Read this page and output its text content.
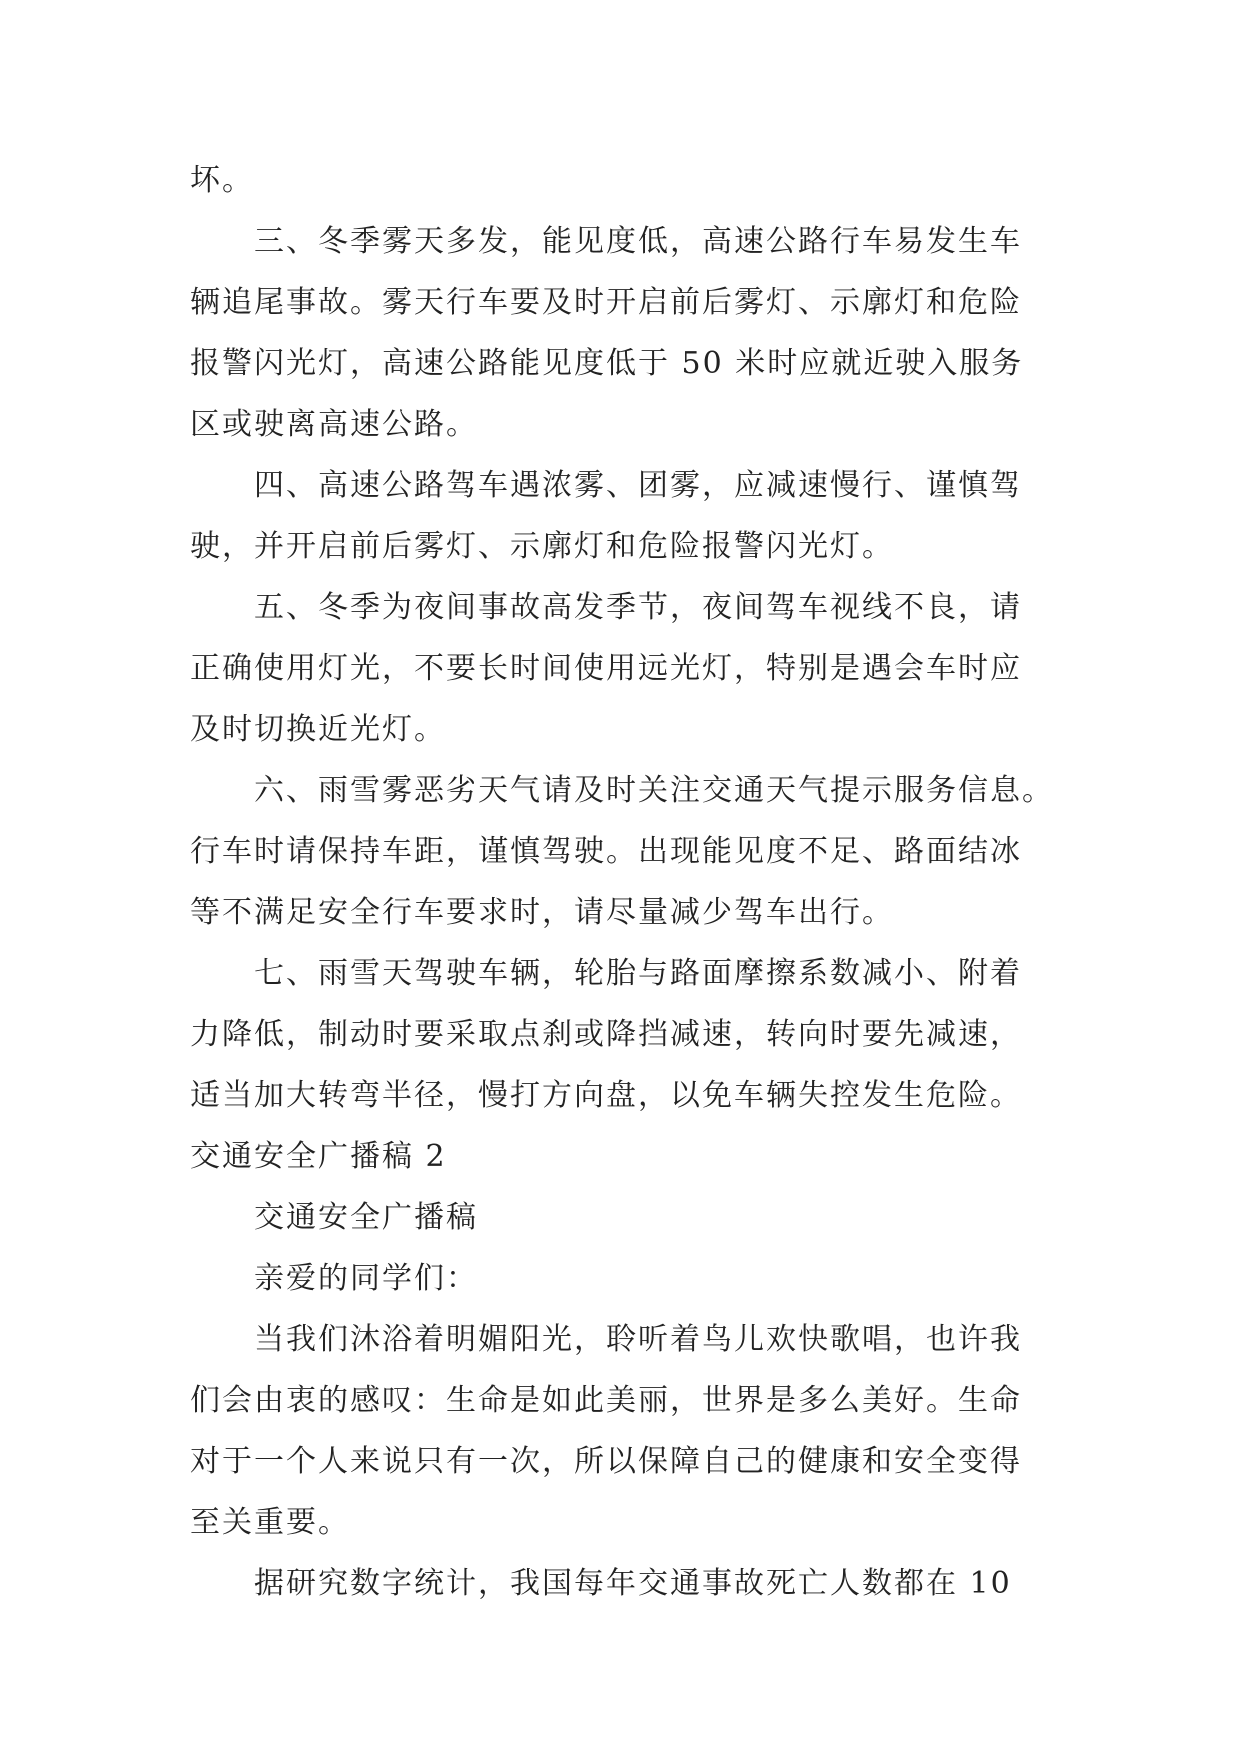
坏。
三、冬季雾天多发，能见度低，高速公路行车易发生车
辆追尾事故。雾天行车要及时开启前后雾灯、示廓灯和危险
报警闪光灯，高速公路能见度低于 50 米时应就近驶入服务
区或驶离高速公路。
四、高速公路驾车遇浓雾、团雾，应减速慢行、谨慎驾
驶，并开启前后雾灯、示廓灯和危险报警闪光灯。
五、冬季为夜间事故高发季节，夜间驾车视线不良，请
正确使用灯光，不要长时间使用远光灯，特别是遇会车时应
及时切换近光灯。
六、雨雪雾恶劣天气请及时关注交通天气提示服务信息。
行车时请保持车距，谨慎驾驶。出现能见度不足、路面结冰
等不满足安全行车要求时，请尽量减少驾车出行。
七、雨雪天驾驶车辆，轮胎与路面摩擦系数减小、附着
力降低，制动时要采取点刹或降挡减速，转向时要先减速，
适当加大转弯半径，慢打方向盘，以免车辆失控发生危险。
交通安全广播稿 2
交通安全广播稿
亲爱的同学们：
当我们沐浴着明媚阳光，聆听着鸟儿欢快歌唱，也许我
们会由衷的感叹：生命是如此美丽，世界是多么美好。生命
对于一个人来说只有一次，所以保障自己的健康和安全变得
至关重要。
据研究数字统计，我国每年交通事故死亡人数都在 10
